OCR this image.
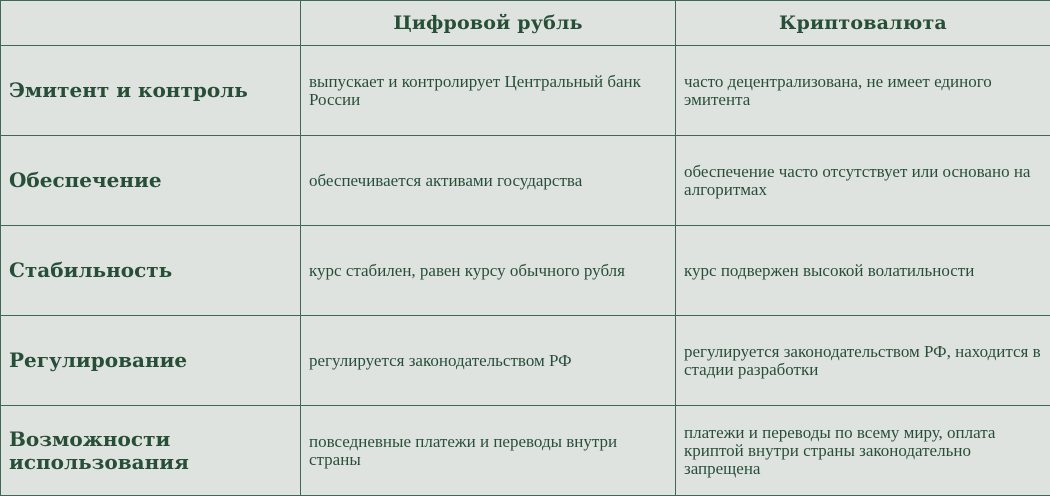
	Цифровой рубль	Криптовалюта
Эмитент и контроль	выпускает и контролирует Центральный банк России	часто децентрализована, не имеет единого эмитента
Обеспечение	обеспечивается активами государства	обеспечение часто отсутствует или основано на алгоритмах
Стабильность	курс стабилен, равен курсу обычного рубля	курс подвержен высокой волатильности
Регулирование	регулируется законодательством РФ	регулируется законодательством РФ, находится в стадии разработки
Возможности использования	повседневные платежи и переводы внутри страны	платежи и переводы по всему миру, оплата криптой внутри страны законодательно запрещена
